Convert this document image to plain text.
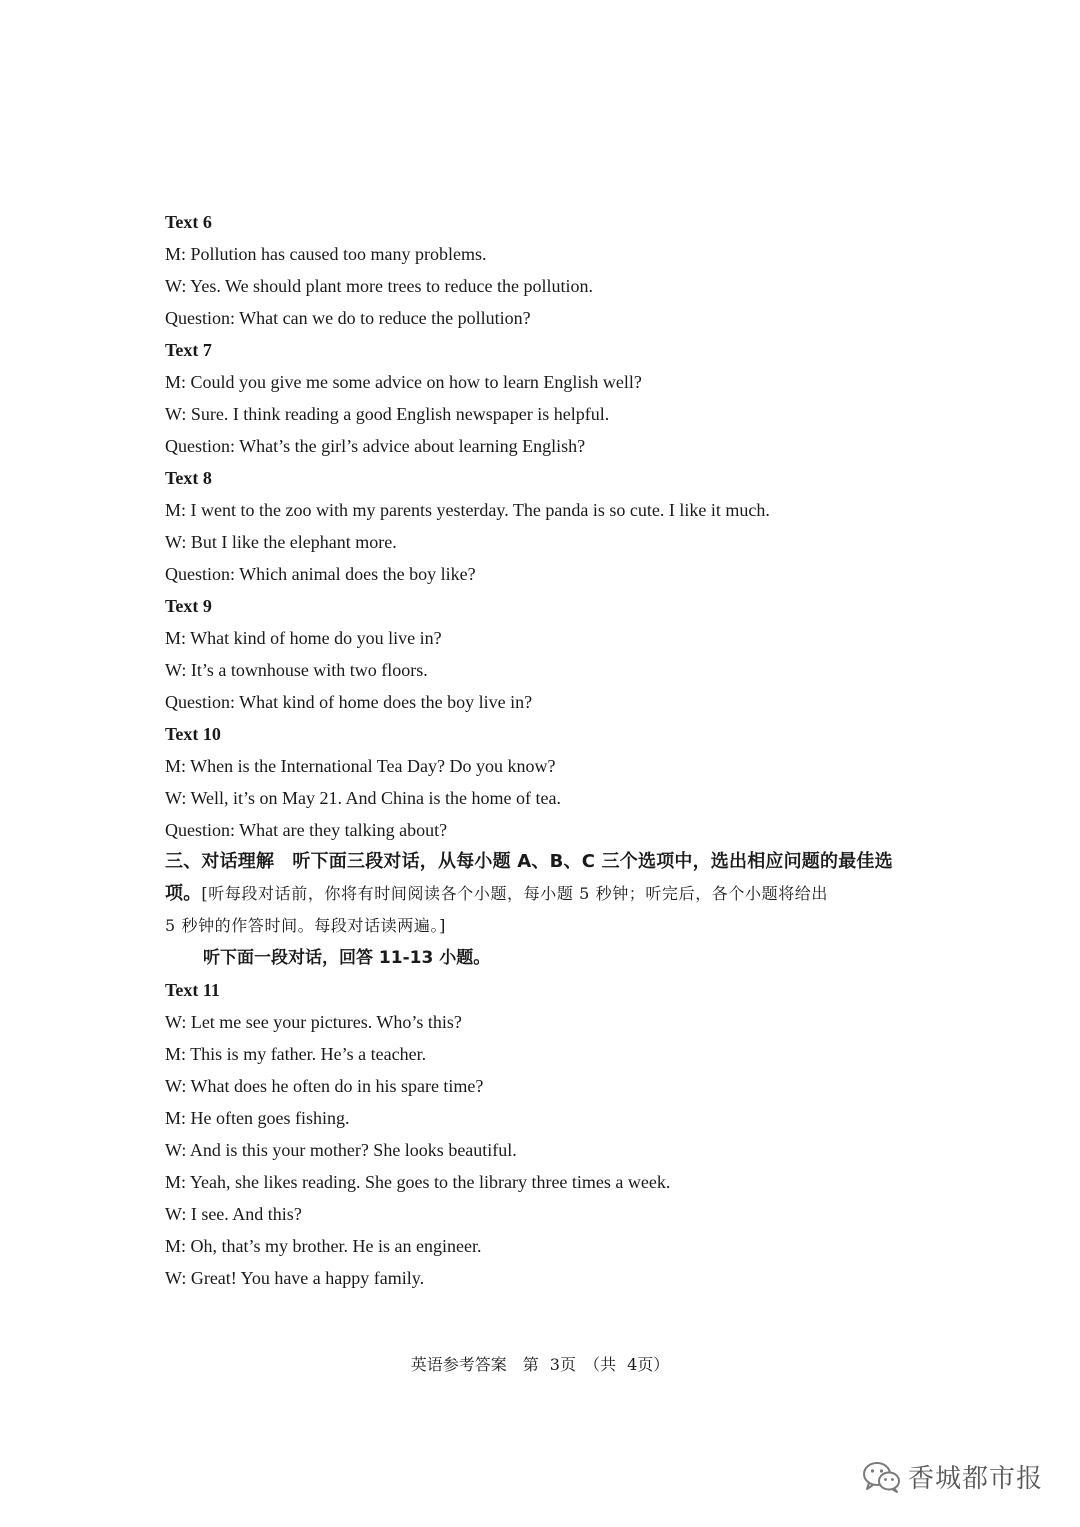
Text 6
M: Pollution has caused too many problems.
W: Yes. We should plant more trees to reduce the pollution.
Question: What can we do to reduce the pollution?
Text 7
M: Could you give me some advice on how to learn English well?
W: Sure. I think reading a good English newspaper is helpful.
Question: What’s the girl’s advice about learning English?
Text 8
M: I went to the zoo with my parents yesterday. The panda is so cute. I like it much.
W: But I like the elephant more.
Question: Which animal does the boy like?
Text 9
M: What kind of home do you live in?
W: It’s a townhouse with two floors.
Question: What kind of home does the boy live in?
Text 10
M: When is the International Tea Day? Do you know?
W: Well, it’s on May 21. And China is the home of tea.
Question: What are they talking about?
三、对话理解　听下面三段对话，从每小题 A、B、C 三个选项中，选出相应问题的最佳选
项。[听每段对话前，你将有时间阅读各个小题，每小题 5 秒钟；听完后，各个小题将给出
5 秒钟的作答时间。每段对话读两遍。]
听下面一段对话，回答 11-13 小题。
Text 11
W: Let me see your pictures. Who’s this?
M: This is my father. He’s a teacher.
W: What does he often do in his spare time?
M: He often goes fishing.
W: And is this your mother? She looks beautiful.
M: Yeah, she likes reading. She goes to the library three times a week.
W: I see. And this?
M: Oh, that’s my brother. He is an engineer.
W: Great! You have a happy family.
英语参考答案　第 3页　（共 4页）
香城都市报
